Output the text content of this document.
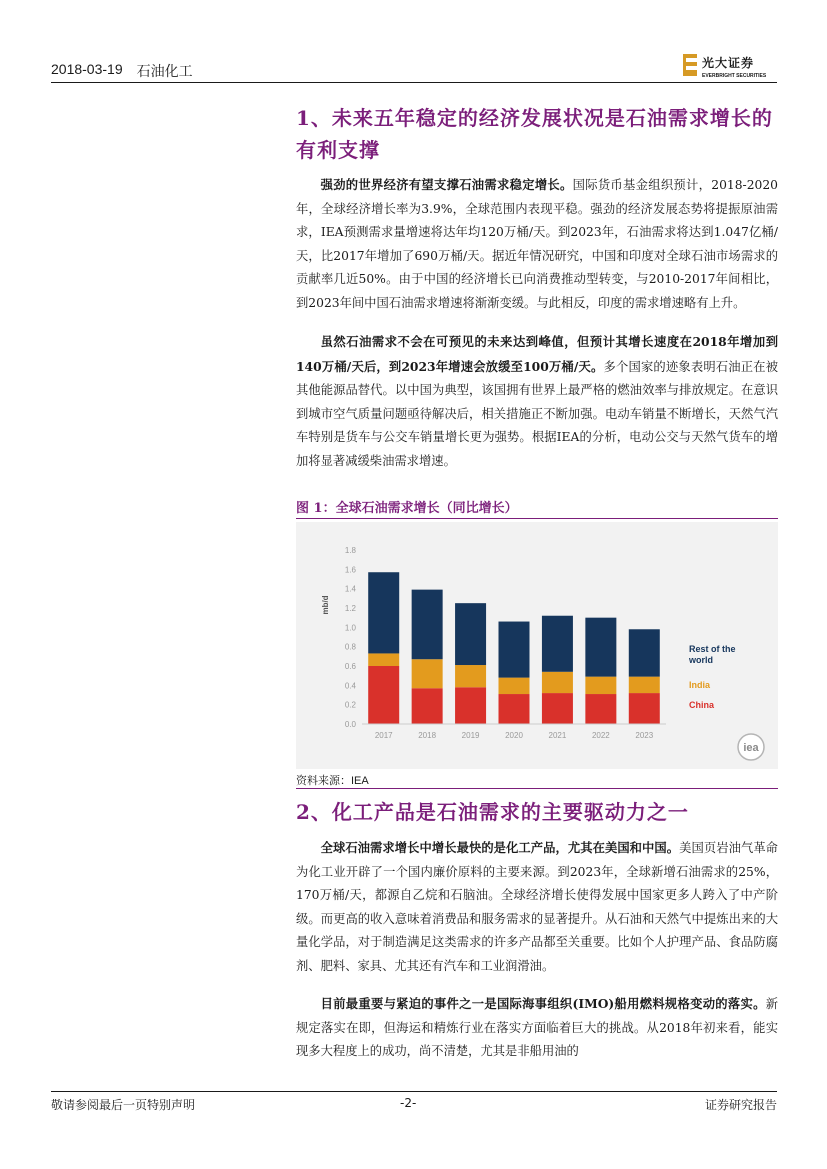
2018-03-19 石油化工	光大证券
EVERBRIGHT SECURITIES
1、未来五年稳定的经济发展状况是石油需求增长的有利支撑

强劲的世界经济有望支撑石油需求稳定增长。国际货币基金组织预计，2018-2020年，全球经济增长率为3.9%，全球范围内表现平稳。强劲的经济发展态势将提振原油需求，IEA预测需求量增速将达年均120万桶/天。到2023年，石油需求将达到1.047亿桶/天，比2017年增加了690万桶/天。据近年情况研究，中国和印度对全球石油市场需求的贡献率几近50%。由于中国的经济增长已向消费推动型转变，与2010-2017年间相比，到2023年间中国石油需求增速将渐渐变缓。与此相反，印度的需求增速略有上升。

虽然石油需求不会在可预见的未来达到峰值，但预计其增长速度在2018年增加到140万桶/天后，到2023年增速会放缓至100万桶/天。多个国家的迹象表明石油正在被其他能源品替代。以中国为典型，该国拥有世界上最严格的燃油效率与排放规定。在意识到城市空气质量问题亟待解决后，相关措施正不断加强。电动车销量不断增长，天然气汽车特别是货车与公交车销量增长更为强势。根据IEA的分析，电动公交与天然气货车的增加将显著减缓柴油需求增速。

图 1：全球石油需求增长（同比增长）

0.0
0.2
0.4
0.6
0.8
1.0
1.2
1.4
1.6
1.8
mb/d
2017	2018	2019	2020	2021	2022	2023
Rest of the world
India
China
iea
资料来源：IEA
2、化工产品是石油需求的主要驱动力之一

全球石油需求增长中增长最快的是化工产品，尤其在美国和中国。美国页岩油气革命为化工业开辟了一个国内廉价原料的主要来源。到2023年，全球新增石油需求的25%，170万桶/天，都源自乙烷和石脑油。全球经济增长使得发展中国家更多人跨入了中产阶级。而更高的收入意味着消费品和服务需求的显著提升。从石油和天然气中提炼出来的大量化学品，对于制造满足这类需求的许多产品都至关重要。比如个人护理产品、食品防腐剂、肥料、家具、尤其还有汽车和工业润滑油。

目前最重要与紧迫的事件之一是国际海事组织(IMO)船用燃料规格变动的落实。新规定落实在即，但海运和精炼行业在落实方面临着巨大的挑战。从2018年初来看，能实现多大程度上的成功，尚不清楚，尤其是非船用油的

敬请参阅最后一页特别声明	-2-	证券研究报告
